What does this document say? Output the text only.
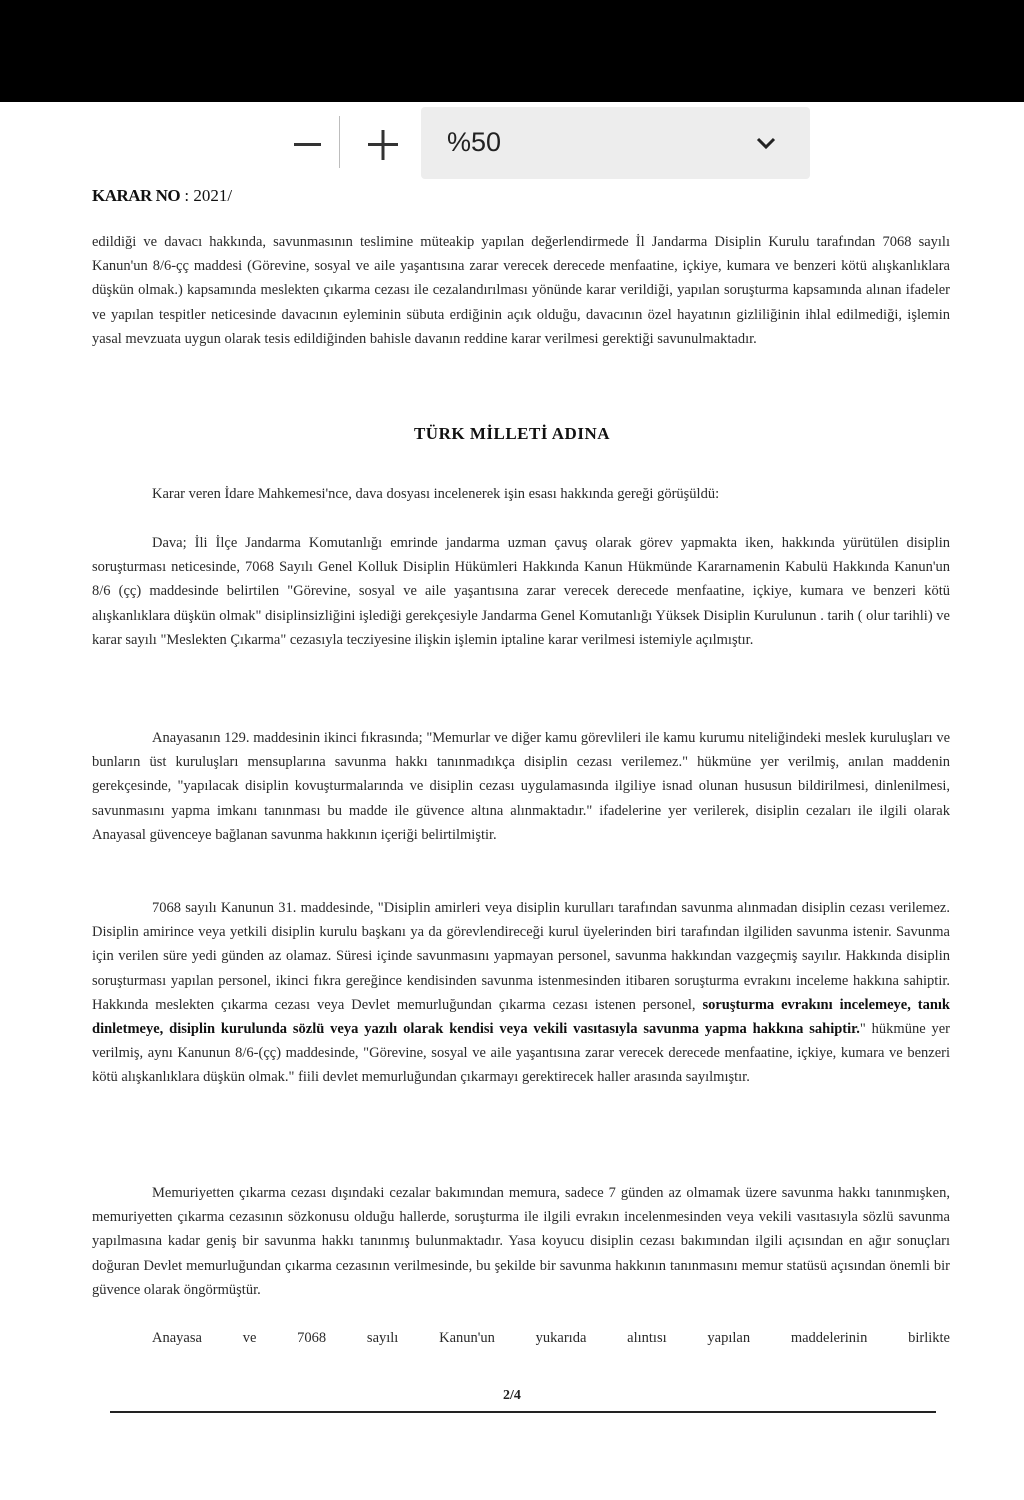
%50
KARAR NO : 2021/

edildiği ve davacı hakkında, savunmasının teslimine müteakip yapılan değerlendirmede İl Jandarma Disiplin Kurulu tarafından 7068 sayılı Kanun'un 8/6-çç maddesi (Görevine, sosyal ve aile yaşantısına zarar verecek derecede menfaatine, içkiye, kumara ve benzeri kötü alışkanlıklara düşkün olmak.) kapsamında meslekten çıkarma cezası ile cezalandırılması yönünde karar verildiği, yapılan soruşturma kapsamında alınan ifadeler ve yapılan tespitler neticesinde davacının eyleminin sübuta erdiğinin açık olduğu, davacının özel hayatının gizliliğinin ihlal edilmediği, işlemin yasal mevzuata uygun olarak tesis edildiğinden bahisle davanın reddine karar verilmesi gerektiği savunulmaktadır.

TÜRK MİLLETİ ADINA

Karar veren İdare Mahkemesi'nce, dava dosyası incelenerek işin esası hakkında gereği görüşüldü:

Dava; İli İlçe Jandarma Komutanlığı emrinde jandarma uzman çavuş olarak görev yapmakta iken, hakkında yürütülen disiplin soruşturması neticesinde, 7068 Sayılı Genel Kolluk Disiplin Hükümleri Hakkında Kanun Hükmünde Kararnamenin Kabulü Hakkında Kanun'un 8/6 (çç) maddesinde belirtilen "Görevine, sosyal ve aile yaşantısına zarar verecek derecede menfaatine, içkiye, kumara ve benzeri kötü alışkanlıklara düşkün olmak" disiplinsizliğini işlediği gerekçesiyle Jandarma Genel Komutanlığı Yüksek Disiplin Kurulunun . tarih ( olur tarihli) ve karar sayılı "Meslekten Çıkarma" cezasıyla tecziyesine ilişkin işlemin iptaline karar verilmesi istemiyle açılmıştır.

Anayasanın 129. maddesinin ikinci fıkrasında; "Memurlar ve diğer kamu görevlileri ile kamu kurumu niteliğindeki meslek kuruluşları ve bunların üst kuruluşları mensuplarına savunma hakkı tanınmadıkça disiplin cezası verilemez." hükmüne yer verilmiş, anılan maddenin gerekçesinde, "yapılacak disiplin kovuşturmalarında ve disiplin cezası uygulamasında ilgiliye isnad olunan hususun bildirilmesi, dinlenilmesi, savunmasını yapma imkanı tanınması bu madde ile güvence altına alınmaktadır." ifadelerine yer verilerek, disiplin cezaları ile ilgili olarak Anayasal güvenceye bağlanan savunma hakkının içeriği belirtilmiştir.

7068 sayılı Kanunun 31. maddesinde, "Disiplin amirleri veya disiplin kurulları tarafından savunma alınmadan disiplin cezası verilemez. Disiplin amirince veya yetkili disiplin kurulu başkanı ya da görevlendireceği kurul üyelerinden biri tarafından ilgiliden savunma istenir. Savunma için verilen süre yedi günden az olamaz. Süresi içinde savunmasını yapmayan personel, savunma hakkından vazgeçmiş sayılır. Hakkında disiplin soruşturması yapılan personel, ikinci fıkra gereğince kendisinden savunma istenmesinden itibaren soruşturma evrakını inceleme hakkına sahiptir. Hakkında meslekten çıkarma cezası veya Devlet memurluğundan çıkarma cezası istenen personel, soruşturma evrakını incelemeye, tanık dinletmeye, disiplin kurulunda sözlü veya yazılı olarak kendisi veya vekili vasıtasıyla savunma yapma hakkına sahiptir." hükmüne yer verilmiş, aynı Kanunun 8/6-(çç) maddesinde, "Görevine, sosyal ve aile yaşantısına zarar verecek derecede menfaatine, içkiye, kumara ve benzeri kötü alışkanlıklara düşkün olmak." fiili devlet memurluğundan çıkarmayı gerektirecek haller arasında sayılmıştır.

Memuriyetten çıkarma cezası dışındaki cezalar bakımından memura, sadece 7 günden az olmamak üzere savunma hakkı tanınmışken, memuriyetten çıkarma cezasının sözkonusu olduğu hallerde, soruşturma ile ilgili evrakın incelenmesinden veya vekili vasıtasıyla sözlü savunma yapılmasına kadar geniş bir savunma hakkı tanınmış bulunmaktadır. Yasa koyucu disiplin cezası bakımından ilgili açısından en ağır sonuçları doğuran Devlet memurluğundan çıkarma cezasının verilmesinde, bu şekilde bir savunma hakkının tanınmasını memur statüsü açısından önemli bir güvence olarak öngörmüştür.

Anayasa ve 7068 sayılı Kanun'un yukarıda alıntısı yapılan maddelerinin birlikte

2/4
